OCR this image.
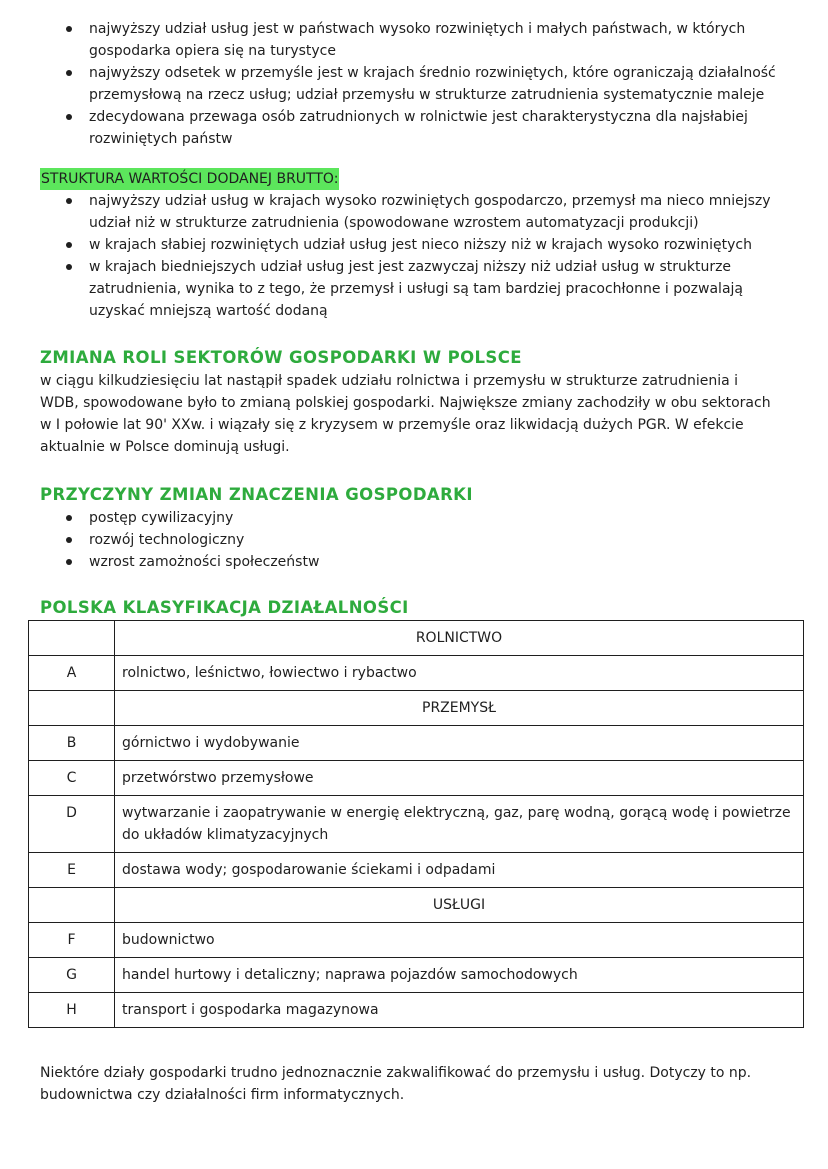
najwyższy udział usług jest w państwach wysoko rozwiniętych i małych państwach, w których gospodarka opiera się na turystyce
najwyższy odsetek w przemyśle jest w krajach średnio rozwiniętych, które ograniczają działalność przemysłową na rzecz usług; udział przemysłu w strukturze zatrudnienia systematycznie maleje
zdecydowana przewaga osób zatrudnionych w rolnictwie jest charakterystyczna dla najsłabiej rozwiniętych państw
STRUKTURA WARTOŚCI DODANEJ BRUTTO:
najwyższy udział usług w krajach wysoko rozwiniętych gospodarczo, przemysł ma nieco mniejszy udział niż w strukturze zatrudnienia (spowodowane wzrostem automatyzacji produkcji)
w krajach słabiej rozwiniętych udział usług jest nieco niższy niż w krajach wysoko rozwiniętych
w krajach biedniejszych udział usług jest jest zazwyczaj niższy niż udział usług w strukturze zatrudnienia, wynika to z tego, że przemysł i usługi są tam bardziej pracochłonne i pozwalają uzyskać mniejszą wartość dodaną
ZMIANA ROLI SEKTORÓW GOSPODARKI W POLSCE

w ciągu kilkudziesięciu lat nastąpił spadek udziału rolnictwa i przemysłu w strukturze zatrudnienia i WDB, spowodowane było to zmianą polskiej gospodarki. Największe zmiany zachodziły w obu sektorach w I połowie lat 90' XXw. i wiązały się z kryzysem w przemyśle oraz likwidacją dużych PGR. W efekcie aktualnie w Polsce dominują usługi.

PRZYCZYNY ZMIAN ZNACZENIA GOSPODARKI
postęp cywilizacyjny
rozwój technologiczny
wzrost zamożności społeczeństw
POLSKA KLASYFIKACJA DZIAŁALNOŚCI
	ROLNICTWO
A	rolnictwo, leśnictwo, łowiectwo i rybactwo
	PRZEMYSŁ
B	górnictwo i wydobywanie
C	przetwórstwo przemysłowe
D	wytwarzanie i zaopatrywanie w energię elektryczną, gaz, parę wodną, gorącą wodę i powietrze do układów klimatyzacyjnych
E	dostawa wody; gospodarowanie ściekami i odpadami
	USŁUGI
F	budownictwo
G	handel hurtowy i detaliczny; naprawa pojazdów samochodowych
H	transport i gospodarka magazynowa

Niektóre działy gospodarki trudno jednoznacznie zakwalifikować do przemysłu i usług. Dotyczy to np. budownictwa czy działalności firm informatycznych.
